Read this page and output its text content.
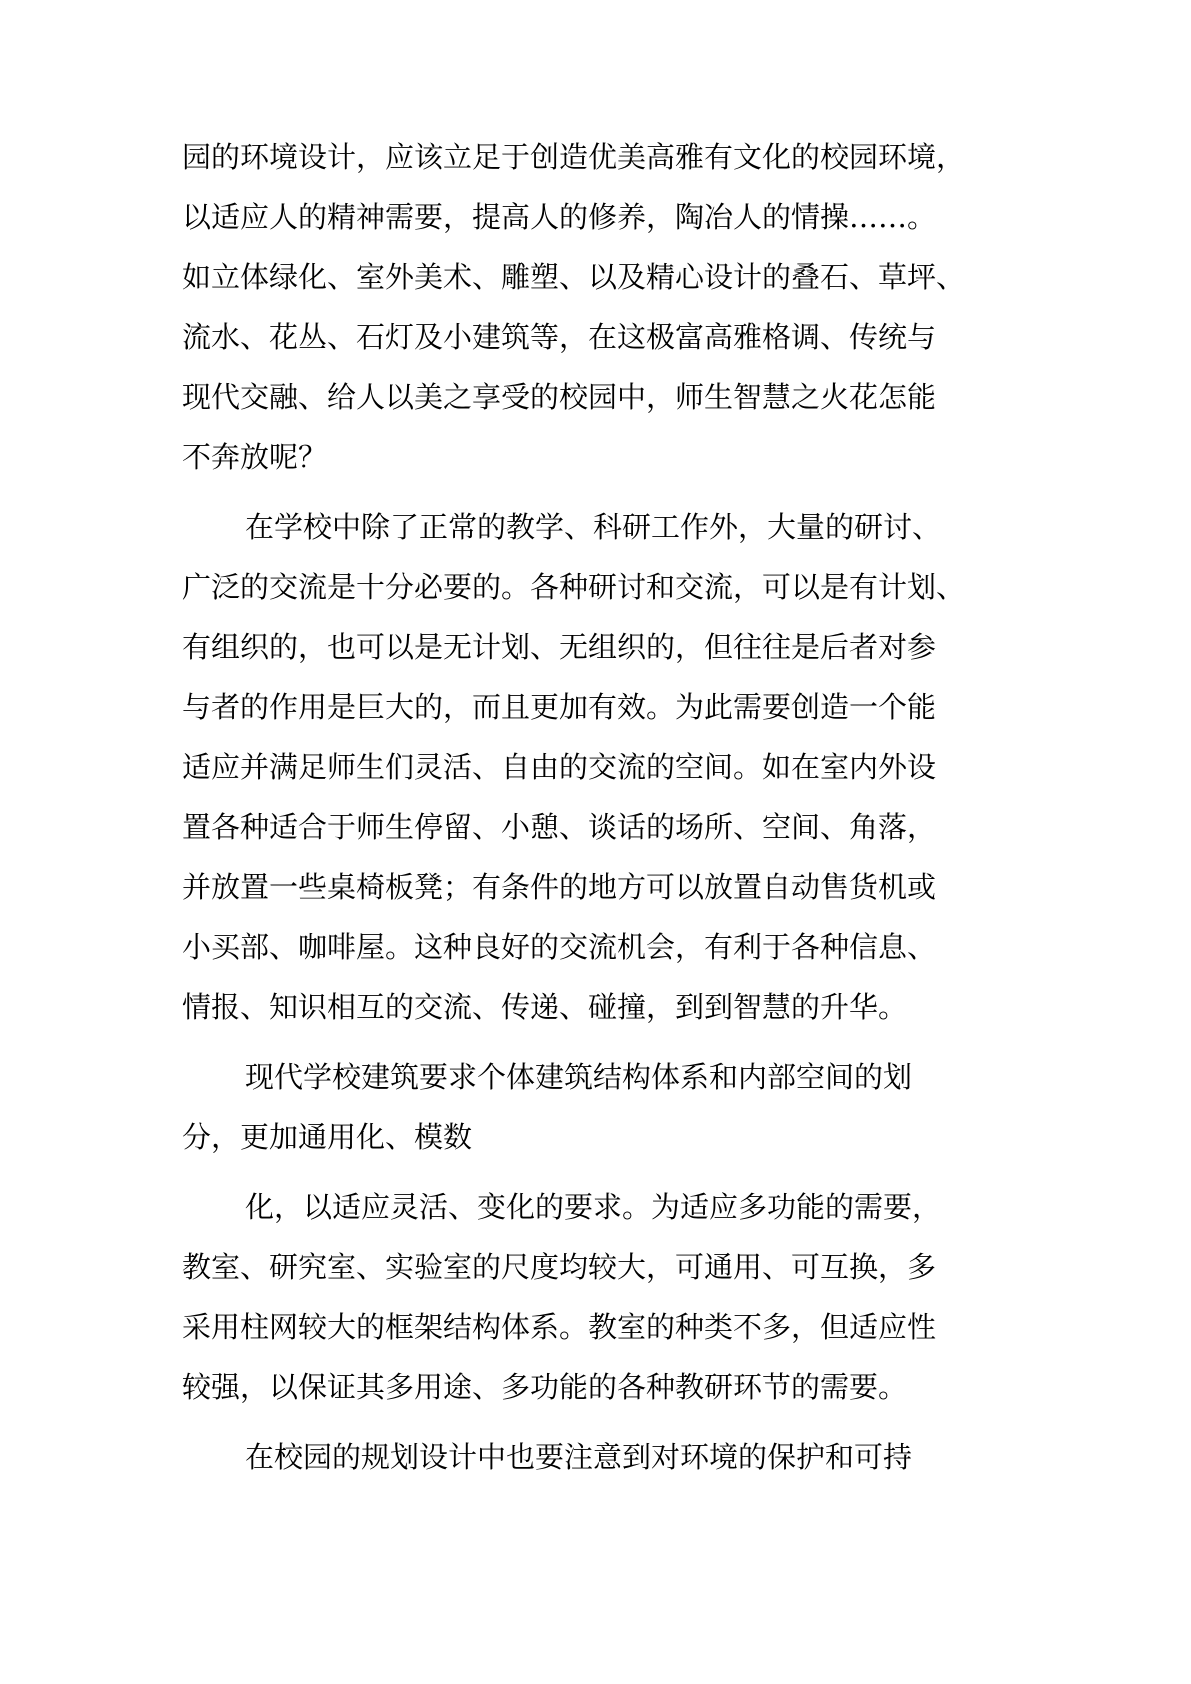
园的环境设计，应该立足于创造优美高雅有文化的校园环境，

以适应人的精神需要，提高人的修养，陶冶人的情操……。

如立体绿化、室外美术、雕塑、以及精心设计的叠石、草坪、

流水、花丛、石灯及小建筑等，在这极富高雅格调、传统与

现代交融、给人以美之享受的校园中，师生智慧之火花怎能

不奔放呢？

在学校中除了正常的教学、科研工作外，大量的研讨、

广泛的交流是十分必要的。各种研讨和交流，可以是有计划、

有组织的，也可以是无计划、无组织的，但往往是后者对参

与者的作用是巨大的，而且更加有效。为此需要创造一个能

适应并满足师生们灵活、自由的交流的空间。如在室内外设

置各种适合于师生停留、小憩、谈话的场所、空间、角落，

并放置一些桌椅板凳；有条件的地方可以放置自动售货机或

小买部、咖啡屋。这种良好的交流机会，有利于各种信息、

情报、知识相互的交流、传递、碰撞，到到智慧的升华。

现代学校建筑要求个体建筑结构体系和内部空间的划

分，更加通用化、模数

化，以适应灵活、变化的要求。为适应多功能的需要，

教室、研究室、实验室的尺度均较大，可通用、可互换，多

采用柱网较大的框架结构体系。教室的种类不多，但适应性

较强，以保证其多用途、多功能的各种教研环节的需要。

在校园的规划设计中也要注意到对环境的保护和可持
